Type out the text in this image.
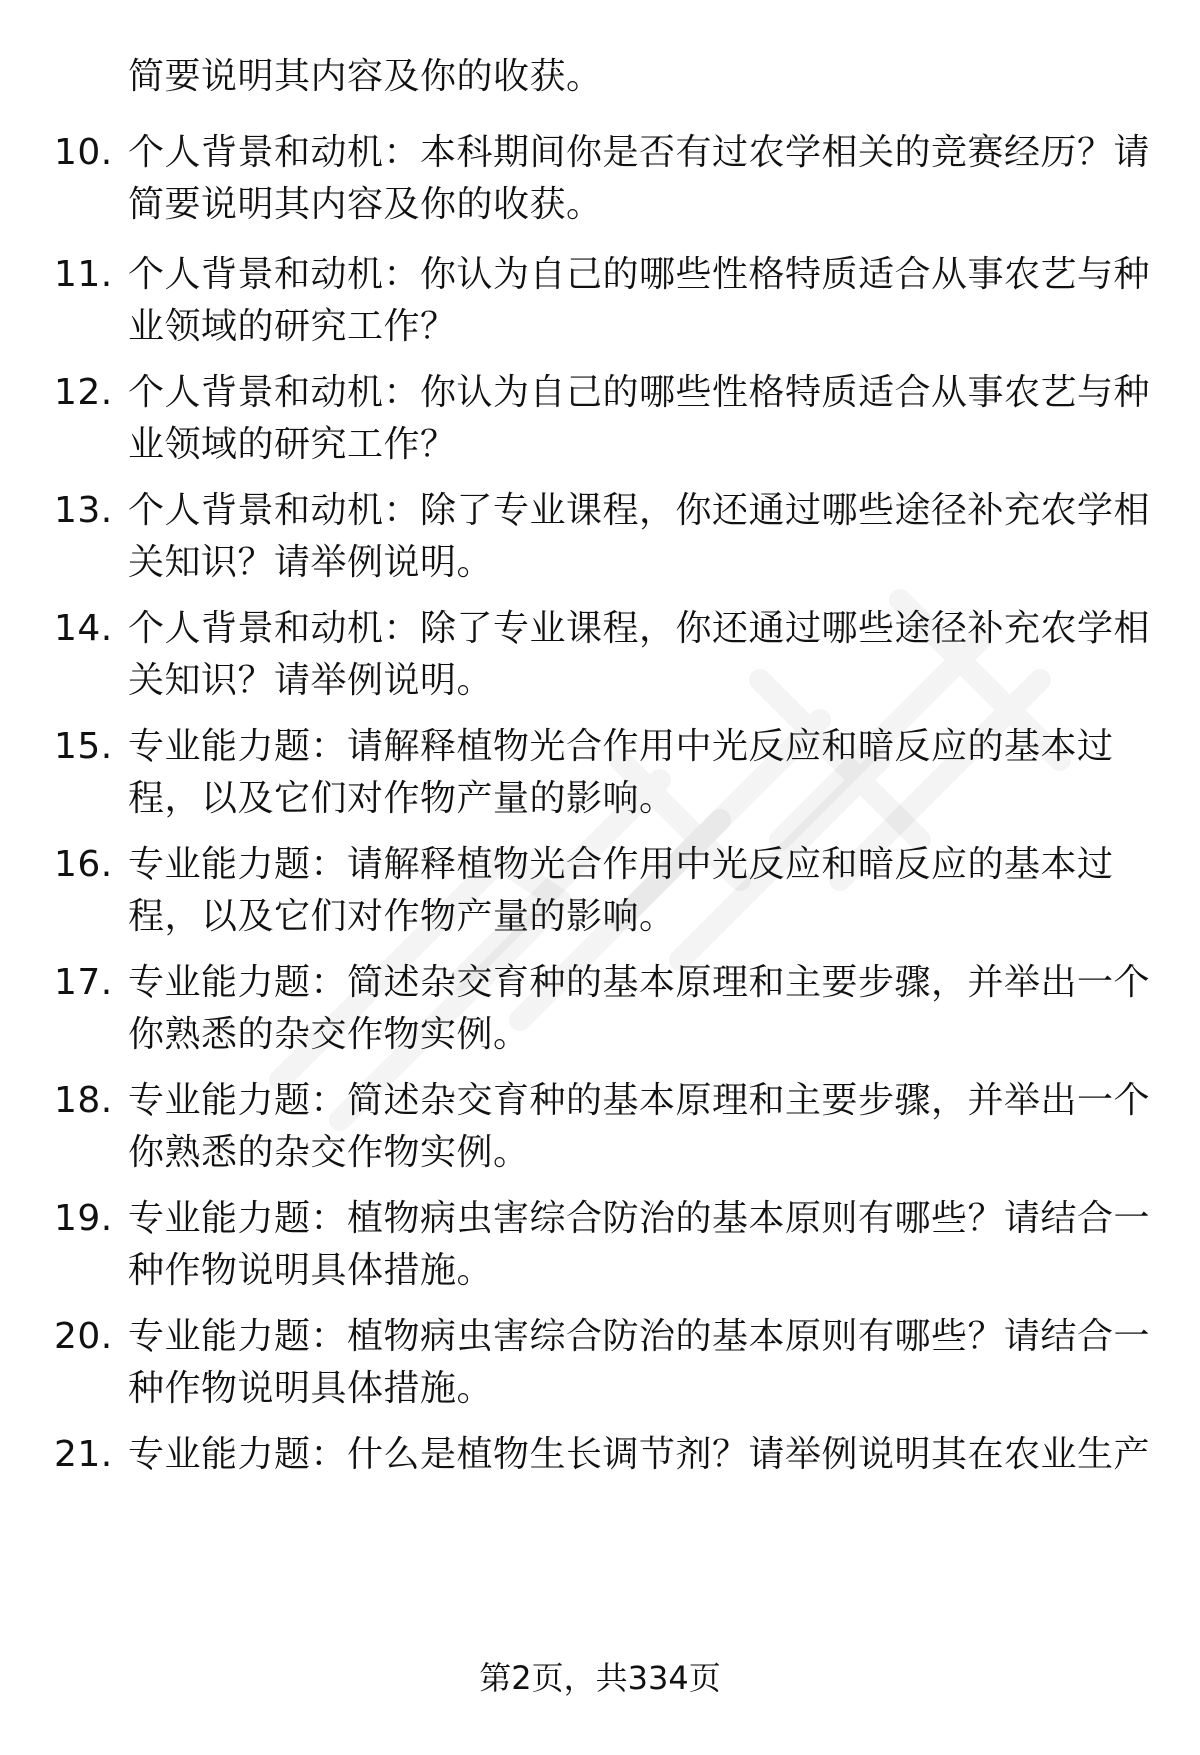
简要说明其内容及你的收获。
10. 个人背景和动机：本科期间你是否有过农学相关的竞赛经历？请
简要说明其内容及你的收获。
11. 个人背景和动机：你认为自己的哪些性格特质适合从事农艺与种
业领域的研究工作？
12. 个人背景和动机：你认为自己的哪些性格特质适合从事农艺与种
业领域的研究工作？
13. 个人背景和动机：除了专业课程，你还通过哪些途径补充农学相
关知识？请举例说明。
14. 个人背景和动机：除了专业课程，你还通过哪些途径补充农学相
关知识？请举例说明。
15. 专业能力题：请解释植物光合作用中光反应和暗反应的基本过
程，以及它们对作物产量的影响。
16. 专业能力题：请解释植物光合作用中光反应和暗反应的基本过
程，以及它们对作物产量的影响。
17. 专业能力题：简述杂交育种的基本原理和主要步骤，并举出一个
你熟悉的杂交作物实例。
18. 专业能力题：简述杂交育种的基本原理和主要步骤，并举出一个
你熟悉的杂交作物实例。
19. 专业能力题：植物病虫害综合防治的基本原则有哪些？请结合一
种作物说明具体措施。
20. 专业能力题：植物病虫害综合防治的基本原则有哪些？请结合一
种作物说明具体措施。
21. 专业能力题：什么是植物生长调节剂？请举例说明其在农业生产
第2页，共334页
